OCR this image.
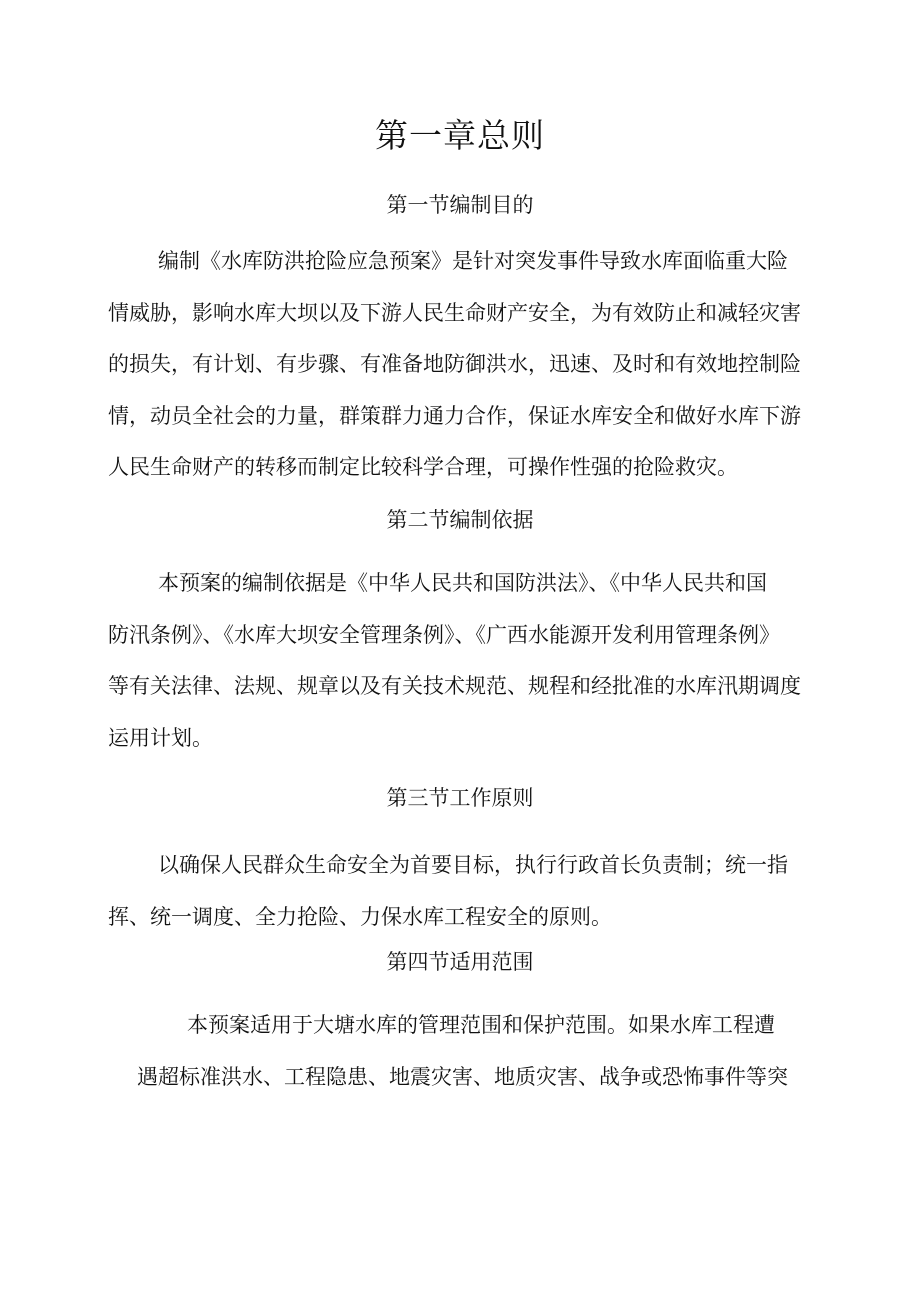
第一章总则
第一节编制目的
编制《水库防洪抢险应急预案》是针对突发事件导致水库面临重大险
情威胁，影响水库大坝以及下游人民生命财产安全，为有效防止和减轻灾害
的损失，有计划、有步骤、有准备地防御洪水，迅速、及时和有效地控制险
情，动员全社会的力量，群策群力通力合作，保证水库安全和做好水库下游
人民生命财产的转移而制定比较科学合理，可操作性强的抢险救灾。
第二节编制依据
本预案的编制依据是《中华人民共和国防洪法》、《中华人民共和国
防汛条例》、《水库大坝安全管理条例》、《广西水能源开发利用管理条例》
等有关法律、法规、规章以及有关技术规范、规程和经批准的水库汛期调度
运用计划。
第三节工作原则
以确保人民群众生命安全为首要目标，执行行政首长负责制；统一指
挥、统一调度、全力抢险、力保水库工程安全的原则。
第四节适用范围
本预案适用于大塘水库的管理范围和保护范围。如果水库工程遭
遇超标准洪水、工程隐患、地震灾害、地质灾害、战争或恐怖事件等突
